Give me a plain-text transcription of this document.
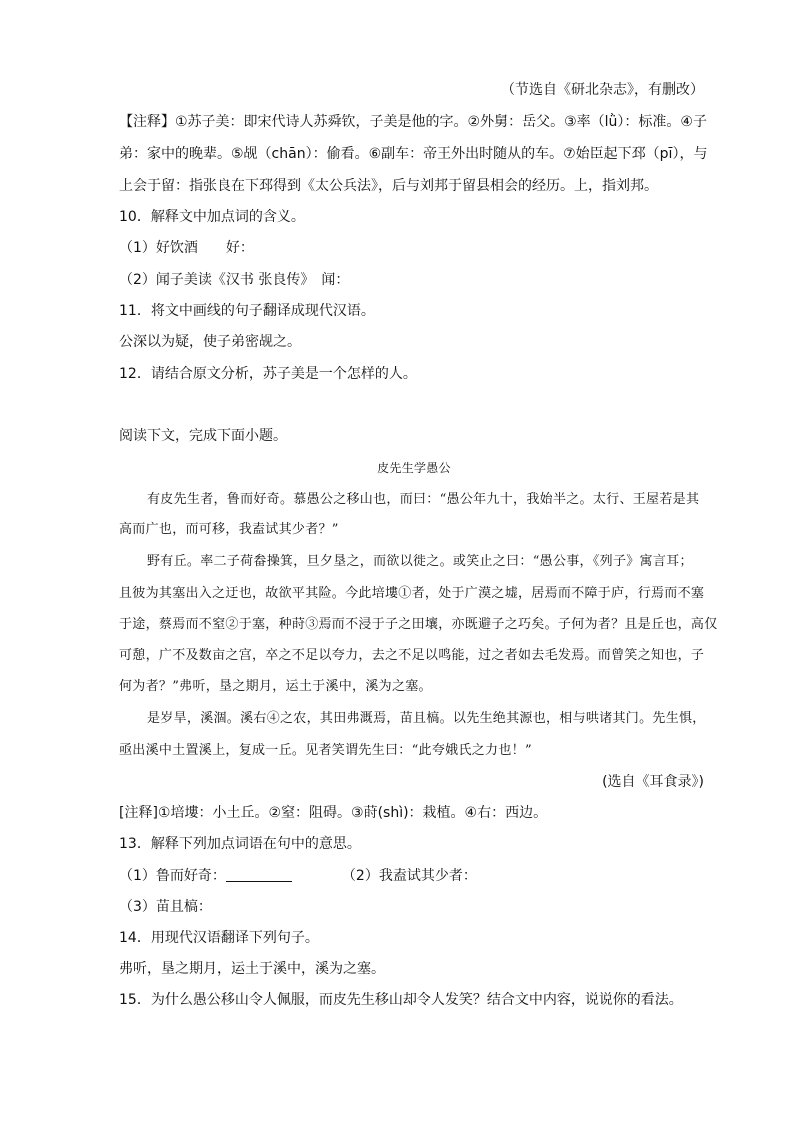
（节选自《研北杂志》，有删改）
【注释】①苏子美：即宋代诗人苏舜钦，子美是他的字。②外舅：岳父。③率（lǜ）：标准。④子
弟：家中的晚辈。⑤觇（chān）：偷看。⑥副车：帝王外出时随从的车。⑦始臣起下邳（pī），与
上会于留：指张良在下邳得到《太公兵法》，后与刘邦于留县相会的经历。上，指刘邦。
10．解释文中加点词的含义。
（1）好饮酒　　好：
（2）闻子美读《汉书 张良传》　闻：
11．将文中画线的句子翻译成现代汉语。
公深以为疑，使子弟密觇之。
12．请结合原文分析，苏子美是一个怎样的人。
阅读下文，完成下面小题。
皮先生学愚公
有皮先生者，鲁而好奇。慕愚公之移山也，而曰：“愚公年九十，我始半之。太行、王屋若是其
高而广也，而可移，我盍试其少者？”
野有丘。率二子荷畚操箕，旦夕垦之，而欲以徙之。或笑止之曰：“愚公事，《列子》寓言耳；
且彼为其塞出入之迂也，故欲平其险。今此培塿①者，处于广漠之墟，居焉而不障于庐，行焉而不塞
于途，蔡焉而不窒②于塞，种莳③焉而不浸于子之田壤，亦既避子之巧矣。子何为者？且是丘也，高仅
可憩，广不及数亩之宫，卒之不足以夸力，去之不足以鸣能，过之者如去毛发焉。而曾笑之知也，子
何为者？”弗听，垦之期月，运土于溪中，溪为之塞。
是岁旱，溪涸。溪右④之农，其田弗溉焉，苗且槁。以先生绝其源也，相与哄诸其门。先生惧，
亟出溪中土置溪上，复成一丘。见者笑谓先生曰：“此夸娥氏之力也！”
(选自《耳食录》)
[注释]①培塿：小土丘。②窒：阻碍。③莳(shì)：栽植。④右：西边。
13．解释下列加点词语在句中的意思。
（1）鲁而好奇：	（2）我盍试其少者：
（3）苗且槁：
14．用现代汉语翻译下列句子。
弗听，垦之期月，运土于溪中，溪为之塞。
15．为什么愚公移山令人佩服，而皮先生移山却令人发笑？结合文中内容，说说你的看法。
